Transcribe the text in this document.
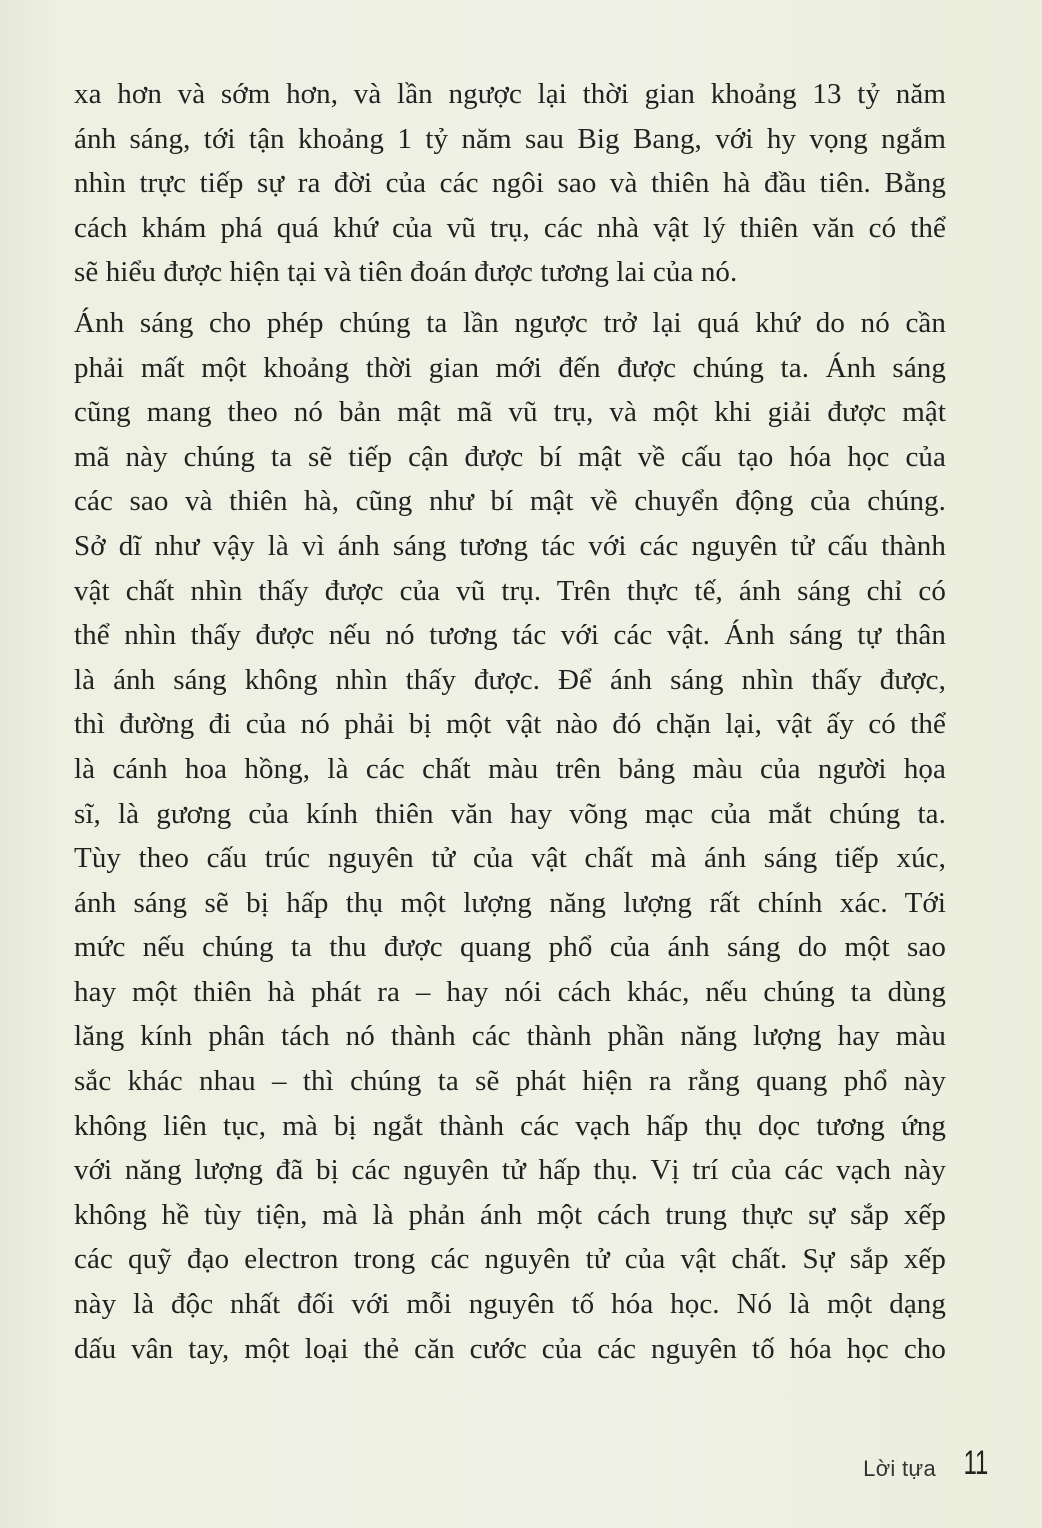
xa hơn và sớm hơn, và lần ngược lại thời gian khoảng 13 tỷ năm
ánh sáng, tới tận khoảng 1 tỷ năm sau Big Bang, với hy vọng ngắm
nhìn trực tiếp sự ra đời của các ngôi sao và thiên hà đầu tiên. Bằng
cách khám phá quá khứ của vũ trụ, các nhà vật lý thiên văn có thể
sẽ hiểu được hiện tại và tiên đoán được tương lai của nó.

Ánh sáng cho phép chúng ta lần ngược trở lại quá khứ do nó cần
phải mất một khoảng thời gian mới đến được chúng ta. Ánh sáng
cũng mang theo nó bản mật mã vũ trụ, và một khi giải được mật
mã này chúng ta sẽ tiếp cận được bí mật về cấu tạo hóa học của
các sao và thiên hà, cũng như bí mật về chuyển động của chúng.
Sở dĩ như vậy là vì ánh sáng tương tác với các nguyên tử cấu thành
vật chất nhìn thấy được của vũ trụ. Trên thực tế, ánh sáng chỉ có
thể nhìn thấy được nếu nó tương tác với các vật. Ánh sáng tự thân
là ánh sáng không nhìn thấy được. Để ánh sáng nhìn thấy được,
thì đường đi của nó phải bị một vật nào đó chặn lại, vật ấy có thể
là cánh hoa hồng, là các chất màu trên bảng màu của người họa
sĩ, là gương của kính thiên văn hay võng mạc của mắt chúng ta.
Tùy theo cấu trúc nguyên tử của vật chất mà ánh sáng tiếp xúc,
ánh sáng sẽ bị hấp thụ một lượng năng lượng rất chính xác. Tới
mức nếu chúng ta thu được quang phổ của ánh sáng do một sao
hay một thiên hà phát ra – hay nói cách khác, nếu chúng ta dùng
lăng kính phân tách nó thành các thành phần năng lượng hay màu
sắc khác nhau – thì chúng ta sẽ phát hiện ra rằng quang phổ này
không liên tục, mà bị ngắt thành các vạch hấp thụ dọc tương ứng
với năng lượng đã bị các nguyên tử hấp thụ. Vị trí của các vạch này
không hề tùy tiện, mà là phản ánh một cách trung thực sự sắp xếp
các quỹ đạo electron trong các nguyên tử của vật chất. Sự sắp xếp
này là độc nhất đối với mỗi nguyên tố hóa học. Nó là một dạng
dấu vân tay, một loại thẻ căn cước của các nguyên tố hóa học cho

Lời tựa 11
